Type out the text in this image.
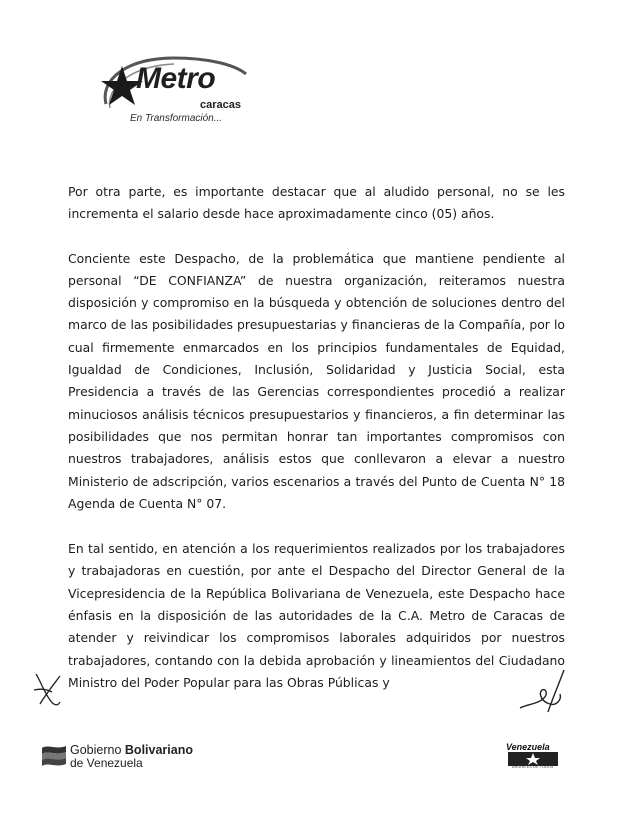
Metro
caracas
En Transformación...

Por otra parte, es importante destacar que al aludido personal, no se les incrementa el salario desde hace aproximadamente cinco (05) años.

Conciente este Despacho, de la problemática que mantiene pendiente al personal “DE CONFIANZA” de nuestra organización, reiteramos nuestra disposición y compromiso en la búsqueda y obtención de soluciones dentro del marco de las posibilidades presupuestarias y financieras de la Compañía, por lo cual firmemente enmarcados en los principios fundamentales de Equidad, Igualdad de Condiciones, Inclusión, Solidaridad y Justicia Social, esta Presidencia a través de las Gerencias correspondientes procedió a realizar minuciosos análisis técnicos presupuestarios y financieros, a fin determinar las posibilidades que nos permitan honrar tan importantes compromisos con nuestros trabajadores, análisis estos que conllevaron a elevar a nuestro Ministerio de adscripción, varios escenarios a través del Punto de Cuenta N° 18 Agenda de Cuenta N° 07.

En tal sentido, en atención a los requerimientos realizados por los trabajadores y trabajadoras en cuestión, por ante el Despacho del Director General de la Vicepresidencia de la República Bolivariana de Venezuela, este Despacho hace énfasis en la disposición de las autoridades de la C.A. Metro de Caracas de atender y reivindicar los compromisos laborales adquiridos por nuestros trabajadores, contando con la debida aprobación y lineamientos del Ciudadano Ministro del Poder Popular para las Obras Públicas y

Gobierno Bolivariano
de Venezuela
Venezuela
AHORA ES DE TODOS
